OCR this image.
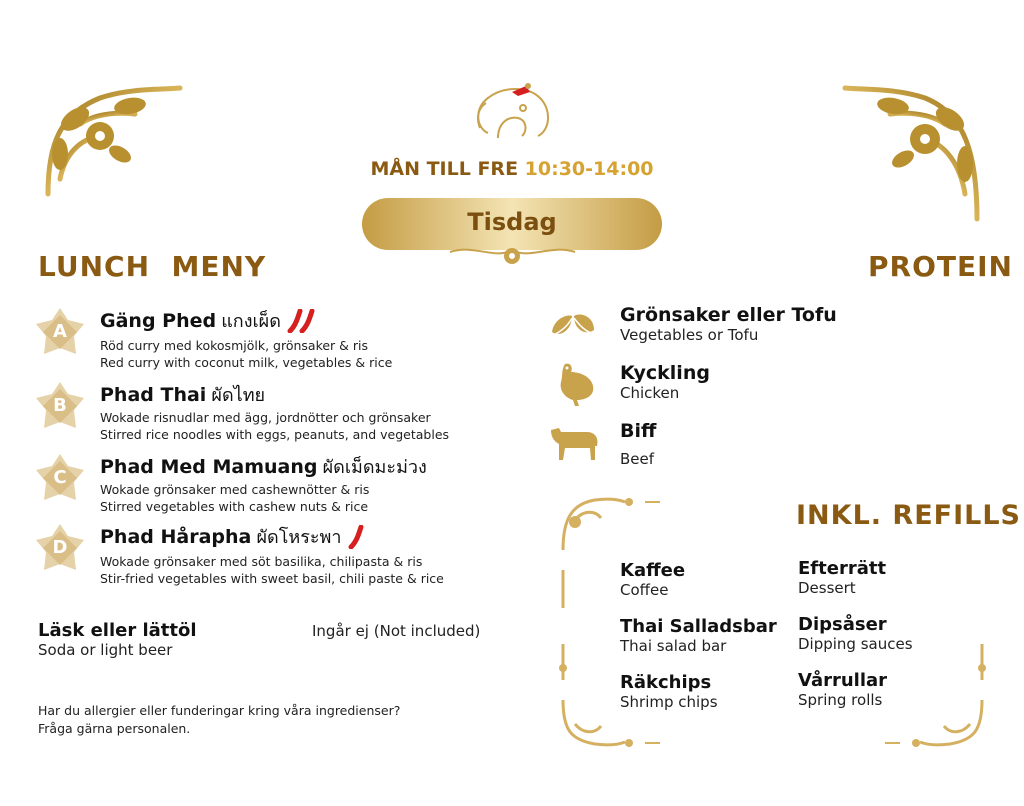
MÅN TILL FRE 10:30-14:00
Tisdag
LUNCH  MENY	PROTEIN
A	Gäng Phed แกงเผ็ด
Röd curry med kokosmjölk, grönsaker & ris
Red curry with coconut milk, vegetables & rice
B	Phad Thai ผัดไทย
Wokade risnudlar med ägg, jordnötter och grönsaker
Stirred rice noodles with eggs, peanuts, and vegetables
C	Phad Med Mamuang ผัดเม็ดมะม่วง
Wokade grönsaker med cashewnötter & ris
Stirred vegetables with cashew nuts & rice
D	Phad Hårapha ผัดโหระพา
Wokade grönsaker med söt basilika, chilipasta & ris
Stir-fried vegetables with sweet basil, chili paste & rice
Läsk eller lättöl
Soda or light beer
Ingår ej (Not included)
Har du allergier eller funderingar kring våra ingredienser?
Fråga gärna personalen.
Grönsaker eller Tofu
Vegetables or Tofu
Kyckling
Chicken
Biff
Beef
INKL. REFILLS
Kaffee
Coffee
Thai Salladsbar
Thai salad bar
Räkchips
Shrimp chips
Efterrätt
Dessert
Dipsåser
Dipping sauces
Vårrullar
Spring rolls
